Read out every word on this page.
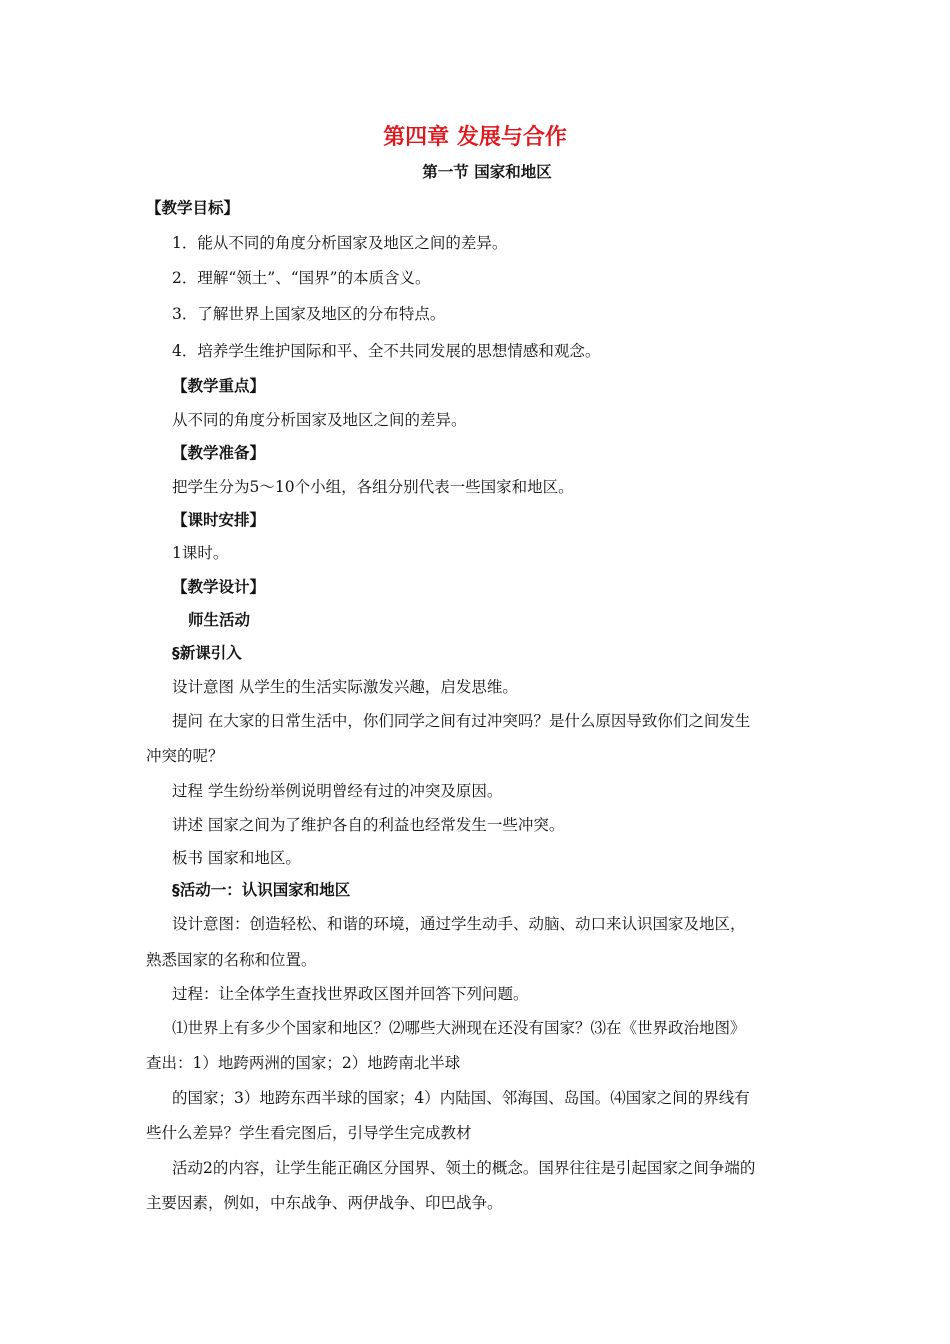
第四章 发展与合作
第一节 国家和地区

【教学目标】

1．能从不同的角度分析国家及地区之间的差异。

2．理解“领土”、“国界”的本质含义。

3．了解世界上国家及地区的分布特点。

4．培养学生维护国际和平、全不共同发展的思想情感和观念。

【教学重点】

从不同的角度分析国家及地区之间的差异。

【教学准备】

把学生分为5～10个小组，各组分别代表一些国家和地区。

【课时安排】

1课时。

【教学设计】

师生活动

§新课引入

设计意图 从学生的生活实际激发兴趣，启发思维。

提问 在大家的日常生活中，你们同学之间有过冲突吗？是什么原因导致你们之间发生

冲突的呢？

过程 学生纷纷举例说明曾经有过的冲突及原因。

讲述 国家之间为了维护各自的利益也经常发生一些冲突。

板书 国家和地区。

§活动一：认识国家和地区

设计意图：创造轻松、和谐的环境，通过学生动手、动脑、动口来认识国家及地区，

熟悉国家的名称和位置。

过程：让全体学生查找世界政区图并回答下列问题。

⑴世界上有多少个国家和地区？⑵哪些大洲现在还没有国家？⑶在《世界政治地图》

查出：1）地跨两洲的国家；2）地跨南北半球

的国家；3）地跨东西半球的国家；4）内陆国、邻海国、岛国。⑷国家之间的界线有

些什么差异？学生看完图后，引导学生完成教材

活动2的内容，让学生能正确区分国界、领土的概念。国界往往是引起国家之间争端的

主要因素，例如，中东战争、两伊战争、印巴战争。
